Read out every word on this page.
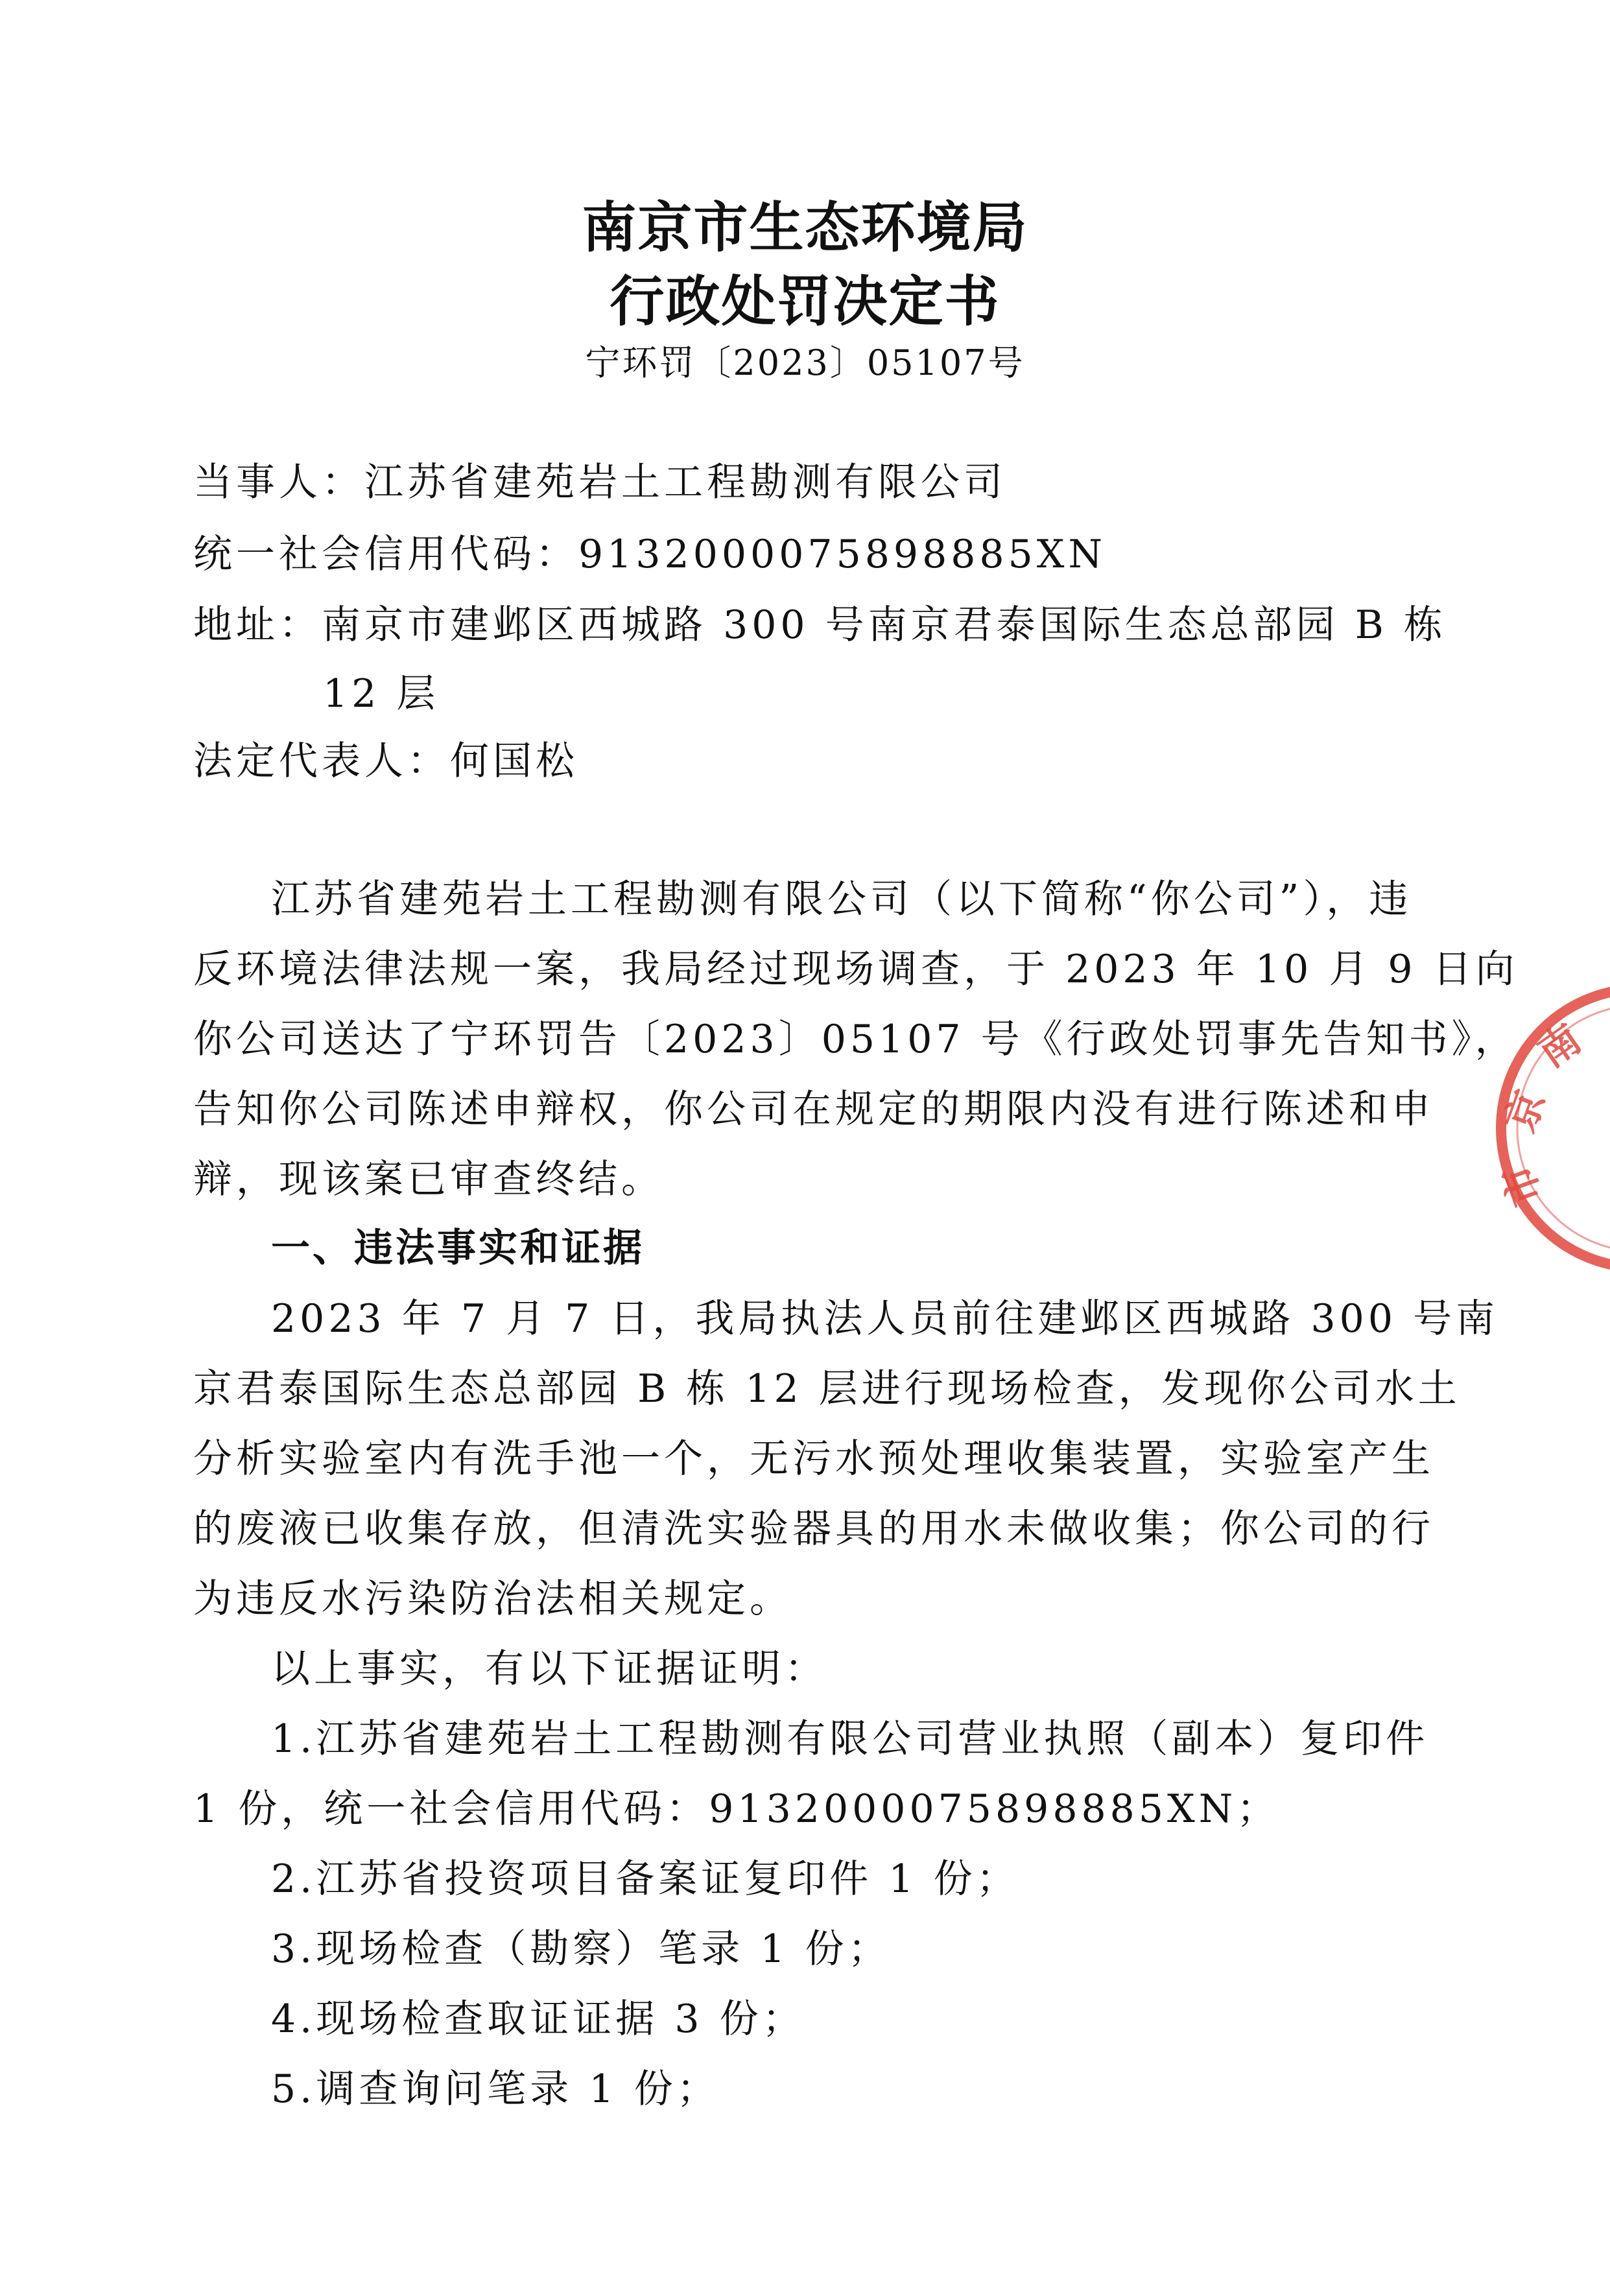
南京市生态环境局
行政处罚决定书
宁环罚〔2023〕05107号
当事人：江苏省建苑岩土工程勘测有限公司
统一社会信用代码：9132000075898885XN
地址：南京市建邺区西城路 300 号南京君泰国际生态总部园 B 栋
12 层
法定代表人：何国松
江苏省建苑岩土工程勘测有限公司（以下简称“你公司”），违
反环境法律法规一案，我局经过现场调查，于 2023 年 10 月 9 日向
你公司送达了宁环罚告〔2023〕05107 号《行政处罚事先告知书》，
告知你公司陈述申辩权，你公司在规定的期限内没有进行陈述和申
辩，现该案已审查终结。
一、违法事实和证据
2023 年 7 月 7 日，我局执法人员前往建邺区西城路 300 号南
京君泰国际生态总部园 B 栋 12 层进行现场检查，发现你公司水土
分析实验室内有洗手池一个，无污水预处理收集装置，实验室产生
的废液已收集存放，但清洗实验器具的用水未做收集；你公司的行
为违反水污染防治法相关规定。
以上事实，有以下证据证明：
1.江苏省建苑岩土工程勘测有限公司营业执照（副本）复印件
1 份，统一社会信用代码：9132000075898885XN；
2.江苏省投资项目备案证复印件 1 份；
3.现场检查（勘察）笔录 1 份；
4.现场检查取证证据 3 份；
5.调查询问笔录 1 份；
南
京
市
